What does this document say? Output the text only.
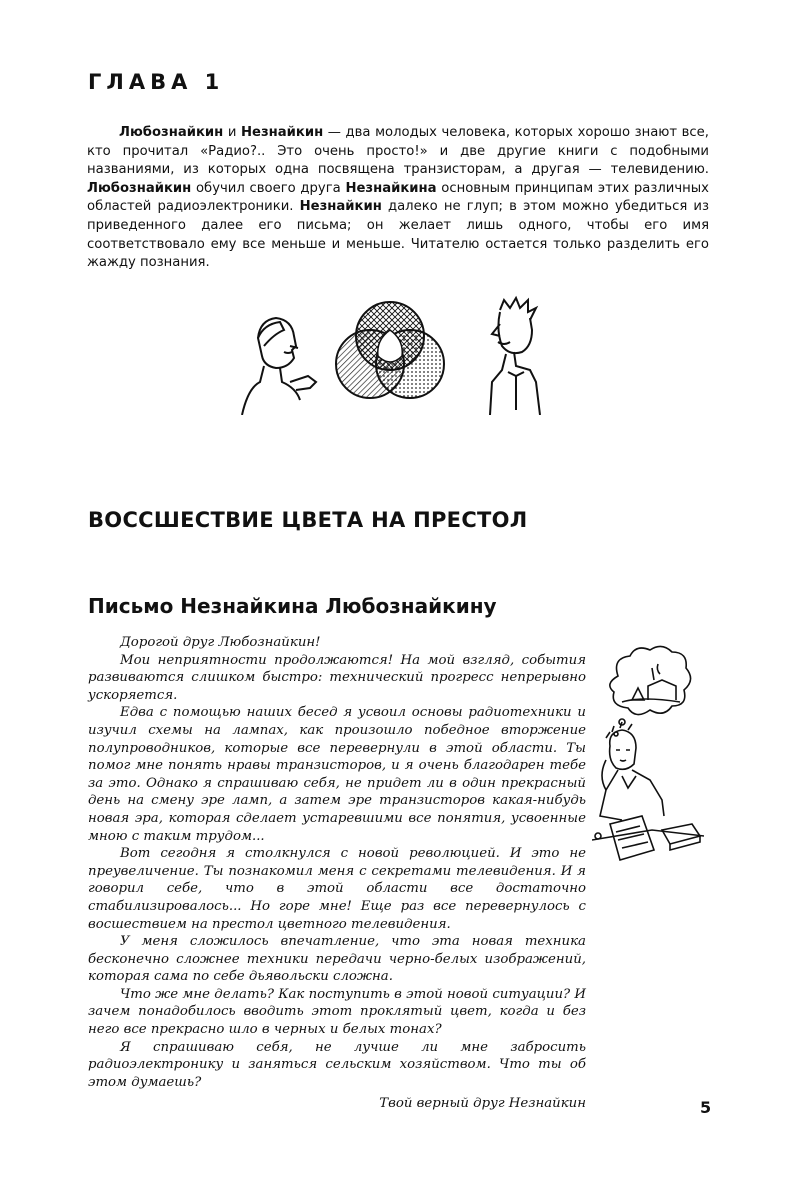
ГЛАВА 1
Любознайкин и Незнайкин — два молодых человека, которых хорошо знают все, кто прочитал «Радио?.. Это очень просто!» и две другие книги с подобными названиями, из которых одна посвящена транзисторам, а другая — телевидению. Любознайкин обучил своего друга Незнайкина основным принципам этих различных областей радиоэлектроники. Незнайкин далеко не глуп; в этом можно убедиться из приведенного далее его письма; он желает лишь одного, чтобы его имя соответствовало ему все меньше и меньше. Читателю остается только разделить его жажду познания.
ВОССШЕСТВИЕ ЦВЕТА НА ПРЕСТОЛ
Письмо Незнайкина Любознайкину

Дорогой друг Любознайкин!

Мои неприятности продолжаются! На мой взгляд, события развиваются слишком быстро: технический прогресс непрерывно ускоряется.

Едва с помощью наших бесед я усвоил основы радиотехники и изучил схемы на лампах, как произошло победное вторжение полупроводников, которые все перевернули в этой области. Ты помог мне понять нравы транзисторов, и я очень благодарен тебе за это. Однако я спрашиваю себя, не придет ли в один прекрасный день на смену эре ламп, а затем эре транзисторов какая-нибудь новая эра, которая сделает устаревшими все понятия, усвоенные мною с таким трудом...

Вот сегодня я столкнулся с новой революцией. И это не преувеличение. Ты познакомил меня с секретами телевидения. И я говорил себе, что в этой области все достаточно стабилизировалось... Но горе мне! Еще раз все перевернулось с восшествием на престол цветного телевидения.

У меня сложилось впечатление, что эта новая техника бесконечно сложнее техники передачи черно-белых изображений, которая сама по себе дьявольски сложна.

Что же мне делать? Как поступить в этой новой ситуации? И зачем понадобилось вводить этот проклятый цвет, когда и без него все прекрасно шло в черных и белых тонах?

Я спрашиваю себя, не лучше ли мне забросить радиоэлектронику и заняться сельским хозяйством. Что ты об этом думаешь?

Твой верный друг Незнайкин	5
